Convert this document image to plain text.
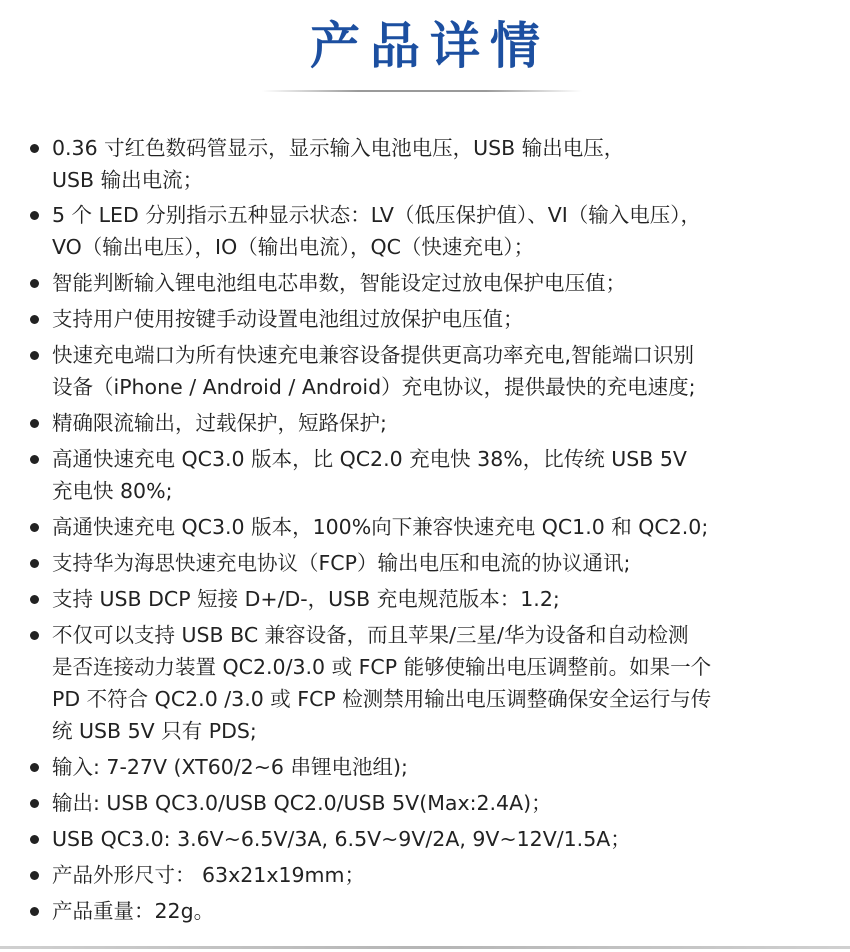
产品详情
0.36 寸红色数码管显示，显示输入电池电压，USB 输出电压，
USB 输出电流；
5 个 LED 分别指示五种显示状态：LV（低压保护值）、VI（输入电压），
VO（输出电压），IO（输出电流），QC（快速充电）；
智能判断输入锂电池组电芯串数，智能设定过放电保护电压值；
支持用户使用按键手动设置电池组过放保护电压值；
快速充电端口为所有快速充电兼容设备提供更高功率充电,智能端口识别
设备（iPhone / Android / Android）充电协议，提供最快的充电速度;
精确限流输出，过载保护，短路保护;
高通快速充电 QC3.0 版本，比 QC2.0 充电快 38%，比传统 USB 5V
充电快 80%;
高通快速充电 QC3.0 版本，100%向下兼容快速充电 QC1.0 和 QC2.0;
支持华为海思快速充电协议（FCP）输出电压和电流的协议通讯;
支持 USB DCP 短接 D+/D-，USB 充电规范版本：1.2;
不仅可以支持 USB BC 兼容设备，而且苹果/三星/华为设备和自动检测
是否连接动力装置 QC2.0/3.0 或 FCP 能够使输出电压调整前。如果一个
PD 不符合 QC2.0 /3.0 或 FCP 检测禁用输出电压调整确保安全运行与传
统 USB 5V 只有 PDS;
输入: 7-27V (XT60/2~6 串锂电池组);
输出: USB QC3.0/USB QC2.0/USB 5V(Max:2.4A)；
USB QC3.0: 3.6V~6.5V/3A, 6.5V~9V/2A, 9V~12V/1.5A；
产品外形尺寸： 63x21x19mm；
产品重量：22g。
